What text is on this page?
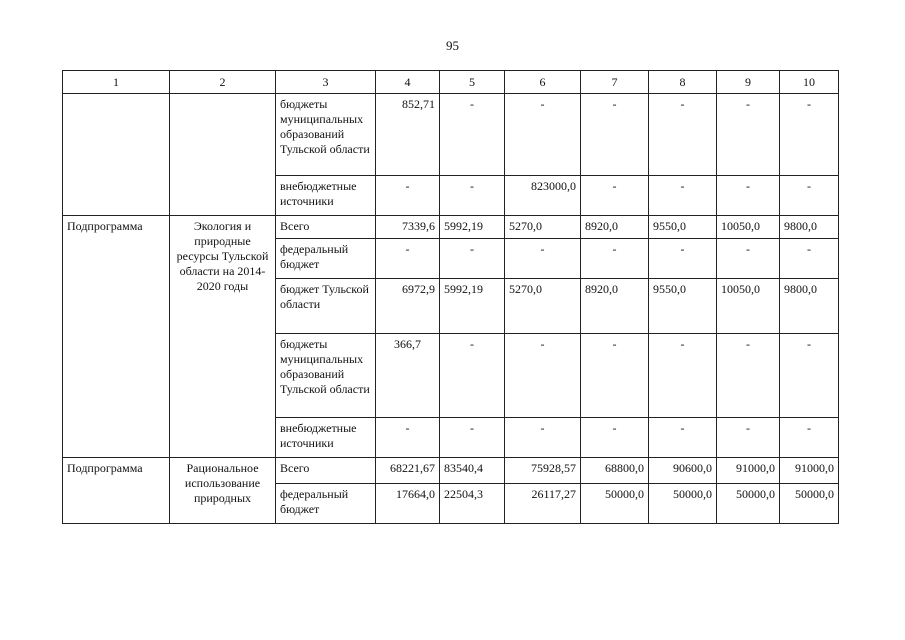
95
1	2	3	4	5	6	7	8	9	10
		бюджеты муниципальных образований Тульской области	852,71	-	-	-	-	-	-
		внебюджетные источники	-	-	823000,0	-	-	-	-
Подпрограмма	Экология и природные ресурсы Тульской области на 2014-2020 годы	Всего	7339,6	5992,19	5270,0	8920,0	9550,0	10050,0	9800,0
		федеральный бюджет	-	-	-	-	-	-	-
		бюджет Тульской области	6972,9	5992,19	5270,0	8920,0	9550,0	10050,0	9800,0
		бюджеты муниципальных образований Тульской области	366,7	-	-	-	-	-	-
		внебюджетные источники	-	-	-	-	-	-	-
Подпрограмма	Рациональное использование природных	Всего	68221,67	83540,4	75928,57	68800,0	90600,0	91000,0	91000,0
		федеральный бюджет	17664,0	22504,3	26117,27	50000,0	50000,0	50000,0	50000,0
